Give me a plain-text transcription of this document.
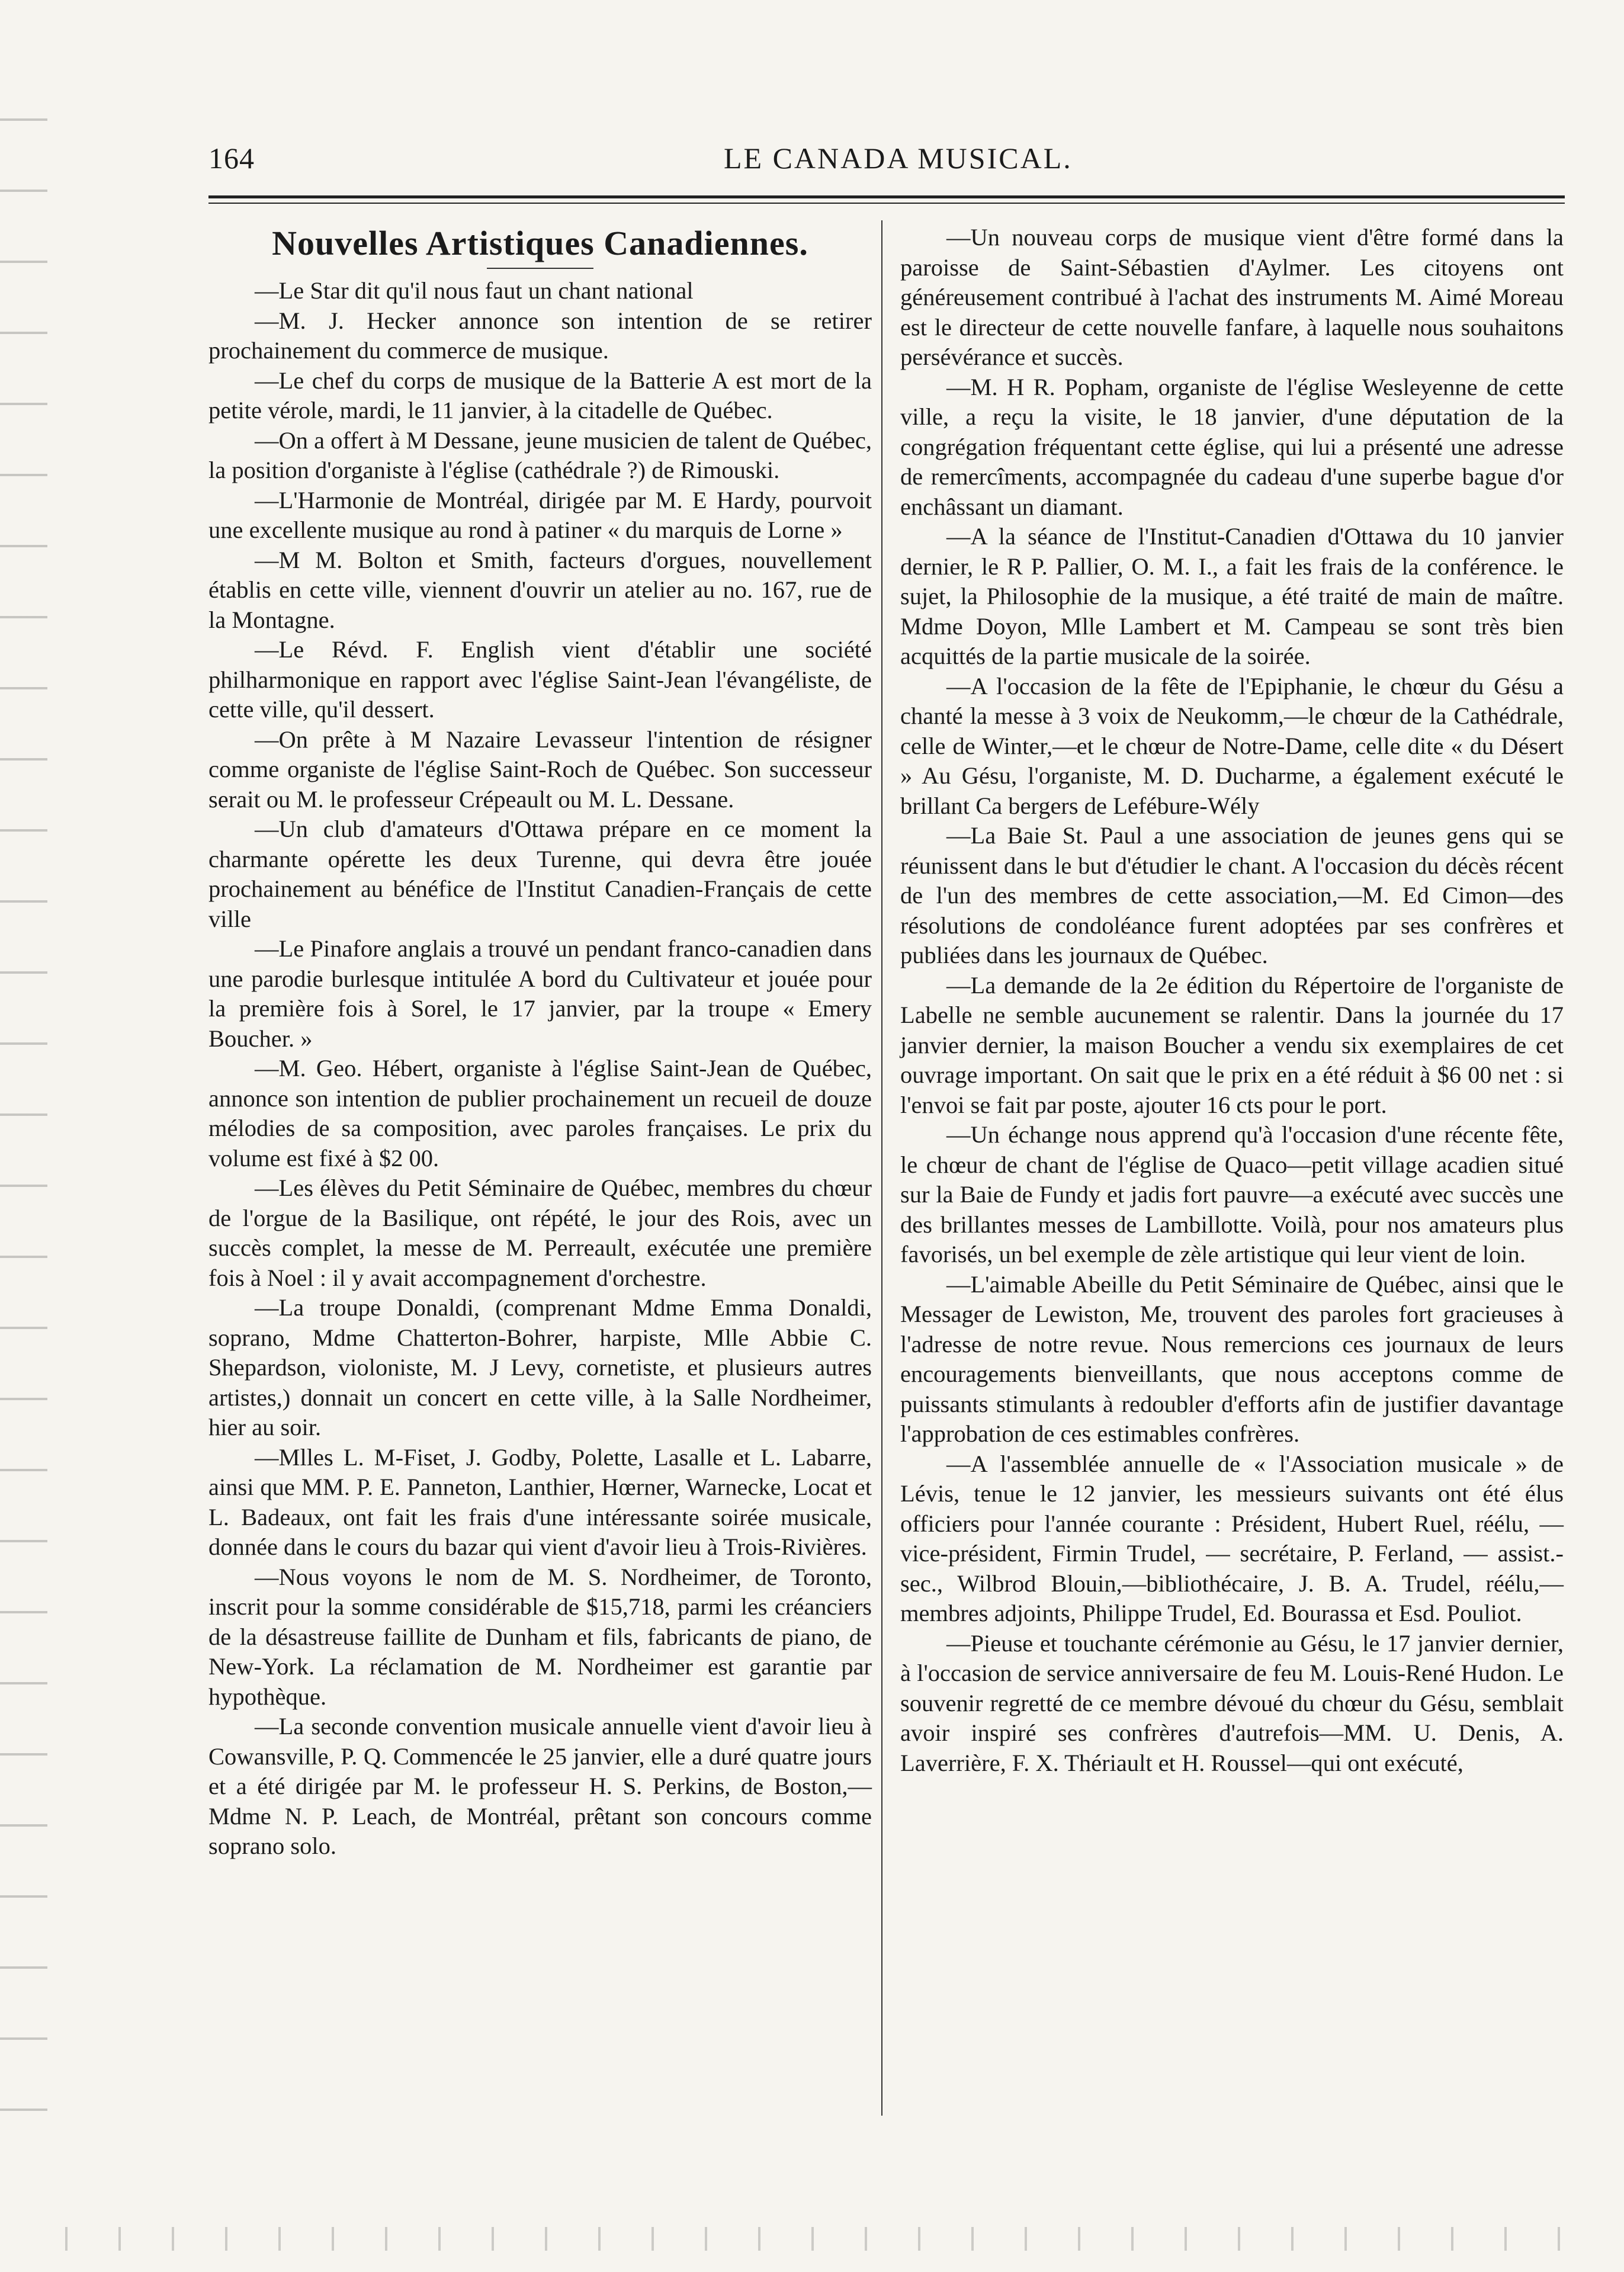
164	LE CANADA MUSICAL.
Nouvelles Artistiques Canadiennes.

—Le Star dit qu'il nous faut un chant national

—M. J. Hecker annonce son intention de se retirer prochainement du commerce de musique.

—Le chef du corps de musique de la Batterie A est mort de la petite vérole, mardi, le 11 janvier, à la citadelle de Québec.

—On a offert à M Dessane, jeune musicien de talent de Québec, la position d'organiste à l'église (cathédrale ?) de Rimouski.

—L'Harmonie de Montréal, dirigée par M. E Hardy, pourvoit une excellente musique au rond à patiner « du marquis de Lorne »

—M M. Bolton et Smith, facteurs d'orgues, nouvellement établis en cette ville, viennent d'ouvrir un atelier au no. 167, rue de la Montagne.

—Le Révd. F. English vient d'établir une société philharmonique en rapport avec l'église Saint-Jean l'évangéliste, de cette ville, qu'il dessert.

—On prête à M Nazaire Levasseur l'intention de résigner comme organiste de l'église Saint-Roch de Québec. Son successeur serait ou M. le professeur Crépeault ou M. L. Dessane.

—Un club d'amateurs d'Ottawa prépare en ce moment la charmante opérette les deux Turenne, qui devra être jouée prochainement au bénéfice de l'Institut Canadien-Français de cette ville

—Le Pinafore anglais a trouvé un pendant franco-canadien dans une parodie burlesque intitulée A bord du Cultivateur et jouée pour la première fois à Sorel, le 17 janvier, par la troupe « Emery Boucher. »

—M. Geo. Hébert, organiste à l'église Saint-Jean de Québec, annonce son intention de publier prochainement un recueil de douze mélodies de sa composition, avec paroles françaises. Le prix du volume est fixé à $2 00.

—Les élèves du Petit Séminaire de Québec, membres du chœur de l'orgue de la Basilique, ont répété, le jour des Rois, avec un succès complet, la messe de M. Perreault, exécutée une première fois à Noel : il y avait accompagnement d'orchestre.

—La troupe Donaldi, (comprenant Mdme Emma Donaldi, soprano, Mdme Chatterton-Bohrer, harpiste, Mlle Abbie C. Shepardson, violoniste, M. J Levy, cornetiste, et plusieurs autres artistes,) donnait un concert en cette ville, à la Salle Nordheimer, hier au soir.

—Mlles L. M-Fiset, J. Godby, Polette, Lasalle et L. Labarre, ainsi que MM. P. E. Panneton, Lanthier, Hœrner, Warnecke, Locat et L. Badeaux, ont fait les frais d'une intéressante soirée musicale, donnée dans le cours du bazar qui vient d'avoir lieu à Trois-Rivières.

—Nous voyons le nom de M. S. Nordheimer, de Toronto, inscrit pour la somme considérable de $15,718, parmi les créanciers de la désastreuse faillite de Dunham et fils, fabricants de piano, de New-York. La réclamation de M. Nordheimer est garantie par hypothèque.

—La seconde convention musicale annuelle vient d'avoir lieu à Cowansville, P. Q. Commencée le 25 janvier, elle a duré quatre jours et a été dirigée par M. le professeur H. S. Perkins, de Boston,—Mdme N. P. Leach, de Montréal, prêtant son concours comme soprano solo.

—Un nouveau corps de musique vient d'être formé dans la paroisse de Saint-Sébastien d'Aylmer. Les citoyens ont généreusement contribué à l'achat des instruments M. Aimé Moreau est le directeur de cette nouvelle fanfare, à laquelle nous souhaitons persévérance et succès.

—M. H R. Popham, organiste de l'église Wesleyenne de cette ville, a reçu la visite, le 18 janvier, d'une députation de la congrégation fréquentant cette église, qui lui a présenté une adresse de remercîments, accompagnée du cadeau d'une superbe bague d'or enchâssant un diamant.

—A la séance de l'Institut-Canadien d'Ottawa du 10 janvier dernier, le R P. Pallier, O. M. I., a fait les frais de la conférence. le sujet, la Philosophie de la musique, a été traité de main de maître. Mdme Doyon, Mlle Lambert et M. Campeau se sont très bien acquittés de la partie musicale de la soirée.

—A l'occasion de la fête de l'Epiphanie, le chœur du Gésu a chanté la messe à 3 voix de Neukomm,—le chœur de la Cathédrale, celle de Winter,—et le chœur de Notre-Dame, celle dite « du Désert » Au Gésu, l'organiste, M. D. Ducharme, a également exécuté le brillant Ca bergers de Lefébure-Wély

—La Baie St. Paul a une association de jeunes gens qui se réunissent dans le but d'étudier le chant. A l'occasion du décès récent de l'un des membres de cette association,—M. Ed Cimon—des résolutions de condoléance furent adoptées par ses confrères et publiées dans les journaux de Québec.

—La demande de la 2e édition du Répertoire de l'organiste de Labelle ne semble aucunement se ralentir. Dans la journée du 17 janvier dernier, la maison Boucher a vendu six exemplaires de cet ouvrage important. On sait que le prix en a été réduit à $6 00 net : si l'envoi se fait par poste, ajouter 16 cts pour le port.

—Un échange nous apprend qu'à l'occasion d'une récente fête, le chœur de chant de l'église de Quaco—petit village acadien situé sur la Baie de Fundy et jadis fort pauvre—a exécuté avec succès une des brillantes messes de Lambillotte. Voilà, pour nos amateurs plus favorisés, un bel exemple de zèle artistique qui leur vient de loin.

—L'aimable Abeille du Petit Séminaire de Québec, ainsi que le Messager de Lewiston, Me, trouvent des paroles fort gracieuses à l'adresse de notre revue. Nous remercions ces journaux de leurs encouragements bienveillants, que nous acceptons comme de puissants stimulants à redoubler d'efforts afin de justifier davantage l'approbation de ces estimables confrères.

—A l'assemblée annuelle de « l'Association musicale » de Lévis, tenue le 12 janvier, les messieurs suivants ont été élus officiers pour l'année courante : Président, Hubert Ruel, réélu, — vice-président, Firmin Trudel, — secrétaire, P. Ferland, — assist.-sec., Wilbrod Blouin,—bibliothécaire, J. B. A. Trudel, réélu,—membres adjoints, Philippe Trudel, Ed. Bourassa et Esd. Pouliot.

—Pieuse et touchante cérémonie au Gésu, le 17 janvier dernier, à l'occasion de service anniversaire de feu M. Louis-René Hudon. Le souvenir regretté de ce membre dévoué du chœur du Gésu, semblait avoir inspiré ses confrères d'autrefois—MM. U. Denis, A. Laverrière, F. X. Thériault et H. Roussel—qui ont exécuté,
